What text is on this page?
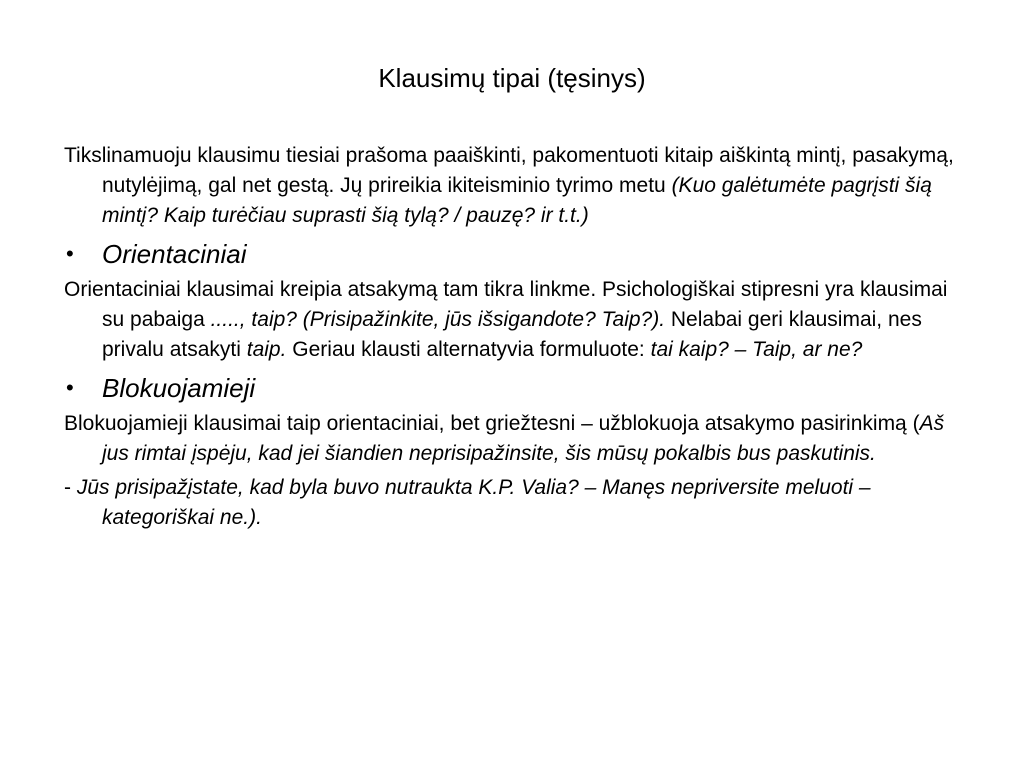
Klausimų tipai (tęsinys)

Tikslinamuoju klausimu tiesiai prašoma paaiškinti, pakomentuoti kitaip aiškintą mintį, pasakymą, nutylėjimą, gal net gestą. Jų prireikia ikiteisminio tyrimo metu (Kuo galėtumėte pagrįsti šią mintį? Kaip turėčiau suprasti šią tylą? / pauzę? ir t.t.)

• Orientaciniai

Orientaciniai klausimai kreipia atsakymą tam tikra linkme. Psichologiškai stipresni yra klausimai su pabaiga ....., taip? (Prisipažinkite, jūs išsigandote? Taip?). Nelabai geri klausimai, nes privalu atsakyti taip. Geriau klausti alternatyvia formuluote: tai kaip? – Taip, ar ne?

• Blokuojamieji

Blokuojamieji klausimai taip orientaciniai, bet griežtesni – užblokuoja atsakymo pasirinkimą (Aš jus rimtai įspėju, kad jei šiandien neprisipažinsite, šis mūsų pokalbis bus paskutinis.

- Jūs prisipažįstate, kad byla buvo nutraukta K.P. Valia? – Manęs nepriversite meluoti – kategoriškai ne.).
